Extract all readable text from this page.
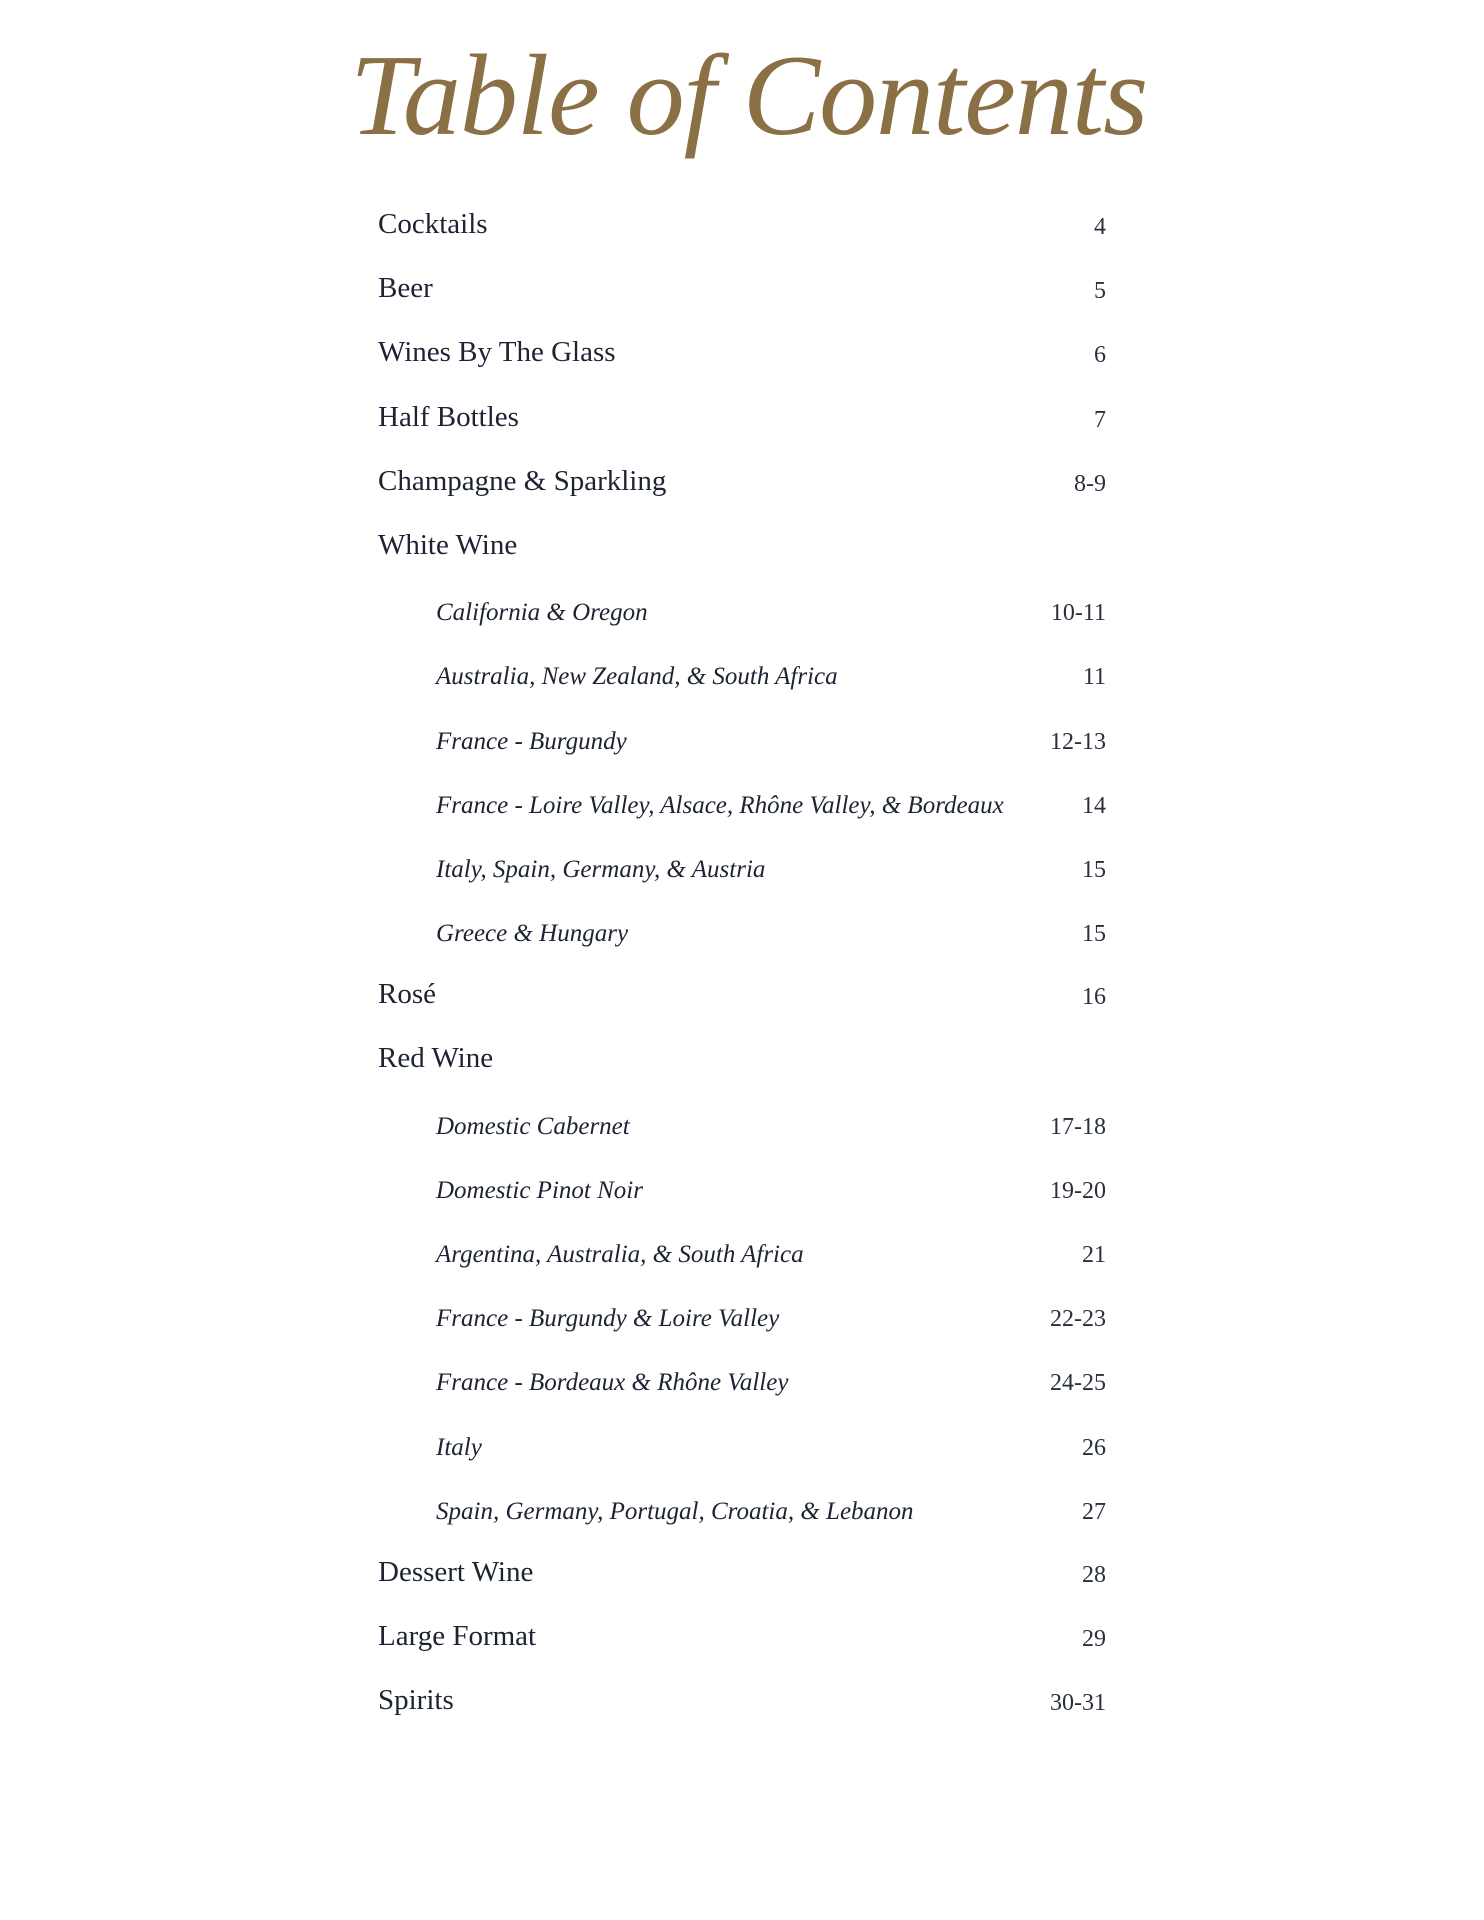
Table of Contents
Cocktails	4
Beer	5
Wines By The Glass	6
Half Bottles	7
Champagne & Sparkling	8-9
White Wine
California & Oregon	10-11
Australia, New Zealand, & South Africa	11
France - Burgundy	12-13
France - Loire Valley, Alsace, Rhône Valley, & Bordeaux	14
Italy, Spain, Germany, & Austria	15
Greece & Hungary	15
Rosé	16
Red Wine
Domestic Cabernet	17-18
Domestic Pinot Noir	19-20
Argentina, Australia, & South Africa	21
France - Burgundy & Loire Valley	22-23
France - Bordeaux & Rhône Valley	24-25
Italy	26
Spain, Germany, Portugal, Croatia, & Lebanon	27
Dessert Wine	28
Large Format	29
Spirits	30-31
